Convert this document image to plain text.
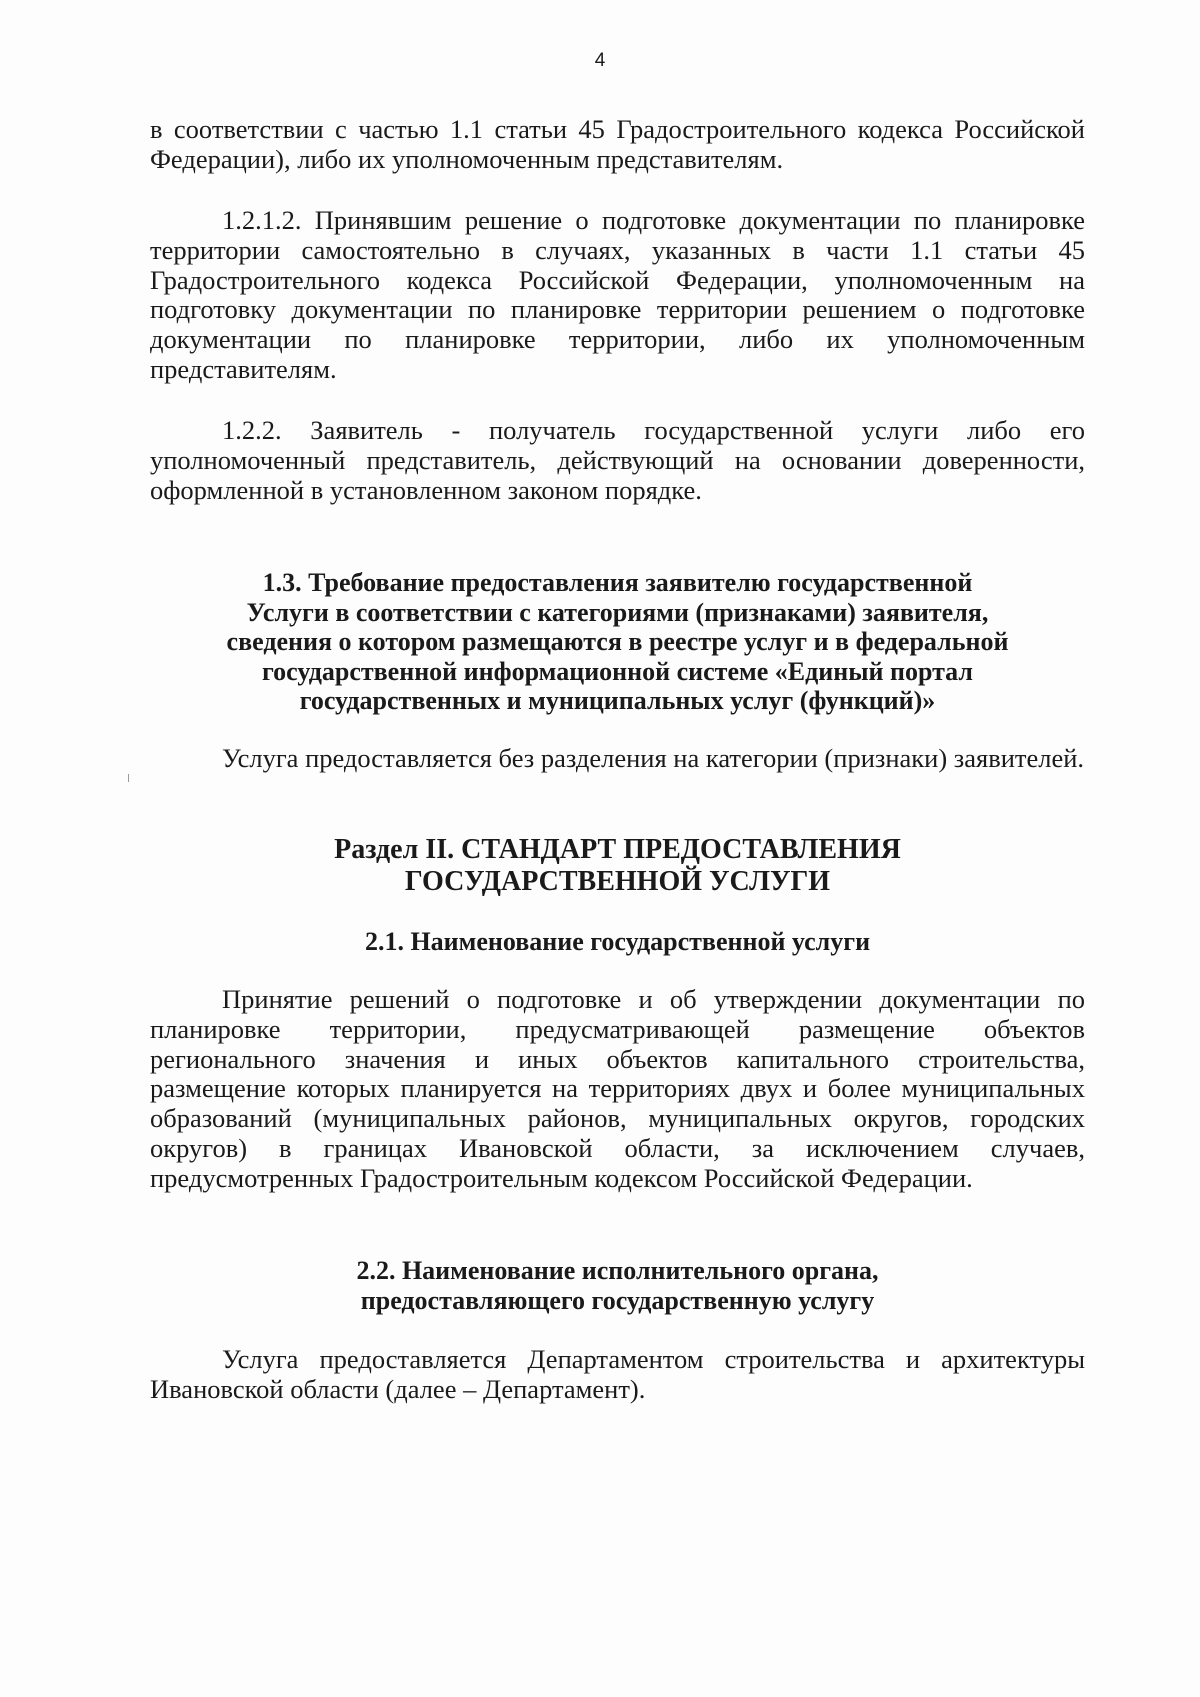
4

в соответствии с частью 1.1 статьи 45 Градостроительного кодекса Российской Федерации), либо их уполномоченным представителям.

1.2.1.2. Принявшим решение о подготовке документации по планировке территории самостоятельно в случаях, указанных в части 1.1 статьи 45 Градостроительного кодекса Российской Федерации, уполномоченным на подготовку документации по планировке территории решением о подготовке документации по планировке территории, либо их уполномоченным представителям.

1.2.2. Заявитель - получатель государственной услуги либо его уполномоченный представитель, действующий на основании доверенности, оформленной в установленном законом порядке.

1.3. Требование предоставления заявителю государственной
Услуги в соответствии с категориями (признаками) заявителя,
сведения о котором размещаются в реестре услуг и в федеральной
государственной информационной системе «Единый портал
государственных и муниципальных услуг (функций)»

Услуга предоставляется без разделения на категории (признаки) заявителей.

Раздел II. СТАНДАРТ ПРЕДОСТАВЛЕНИЯ
ГОСУДАРСТВЕННОЙ УСЛУГИ
2.1. Наименование государственной услуги

Принятие решений о подготовке и об утверждении документации по планировке территории, предусматривающей размещение объектов регионального значения и иных объектов капитального строительства, размещение которых планируется на территориях двух и более муниципальных образований (муниципальных районов, муниципальных округов, городских округов) в границах Ивановской области, за исключением случаев, предусмотренных Градостроительным кодексом Российской Федерации.

2.2. Наименование исполнительного органа,
предоставляющего государственную услугу

Услуга предоставляется Департаментом строительства и архитектуры Ивановской области (далее – Департамент).
